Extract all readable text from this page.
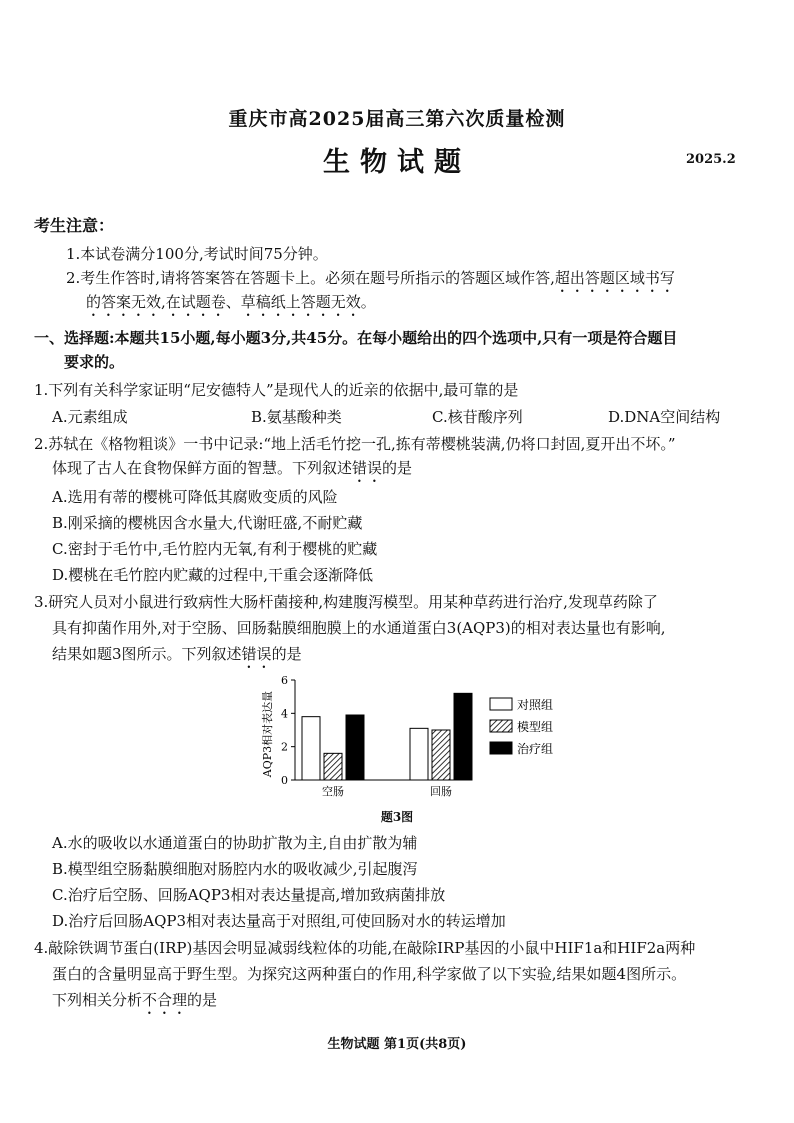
重庆市高2025届高三第六次质量检测
生物试题	2025.2
考生注意：
1.本试卷满分100分,考试时间75分钟。
2.考生作答时,请将答案答在答题卡上。必须在题号所指示的答题区域作答,超出答题区域书写
的答案无效,在试题卷、草稿纸上答题无效。
一、选择题:本题共15小题,每小题3分,共45分。在每小题给出的四个选项中,只有一项是符合题目
要求的。
1.下列有关科学家证明“尼安德特人”是现代人的近亲的依据中,最可靠的是
A.元素组成	B.氨基酸种类	C.核苷酸序列	D.DNA空间结构
2.苏轼在《格物粗谈》一书中记录:“地上活毛竹挖一孔,拣有蒂樱桃装满,仍将口封固,夏开出不坏。”
体现了古人在食物保鲜方面的智慧。下列叙述错误的是
A.选用有蒂的樱桃可降低其腐败变质的风险
B.刚采摘的樱桃因含水量大,代谢旺盛,不耐贮藏
C.密封于毛竹中,毛竹腔内无氧,有利于樱桃的贮藏
D.樱桃在毛竹腔内贮藏的过程中,干重会逐渐降低
3.研究人员对小鼠进行致病性大肠杆菌接种,构建腹泻模型。用某种草药进行治疗,发现草药除了
具有抑菌作用外,对于空肠、回肠黏膜细胞膜上的水通道蛋白3(AQP3)的相对表达量也有影响,
结果如题3图所示。下列叙述错误的是
AQP3相对表达量
0
2
4
6
空肠	回肠
对照组
模型组
治疗组
题3图
A.水的吸收以水通道蛋白的协助扩散为主,自由扩散为辅
B.模型组空肠黏膜细胞对肠腔内水的吸收减少,引起腹泻
C.治疗后空肠、回肠AQP3相对表达量提高,增加致病菌排放
D.治疗后回肠AQP3相对表达量高于对照组,可使回肠对水的转运增加
4.敲除铁调节蛋白(IRP)基因会明显减弱线粒体的功能,在敲除IRP基因的小鼠中HIF1a和HIF2a两种
蛋白的含量明显高于野生型。为探究这两种蛋白的作用,科学家做了以下实验,结果如题4图所示。
下列相关分析不合理的是
生物试题 第1页(共8页)
